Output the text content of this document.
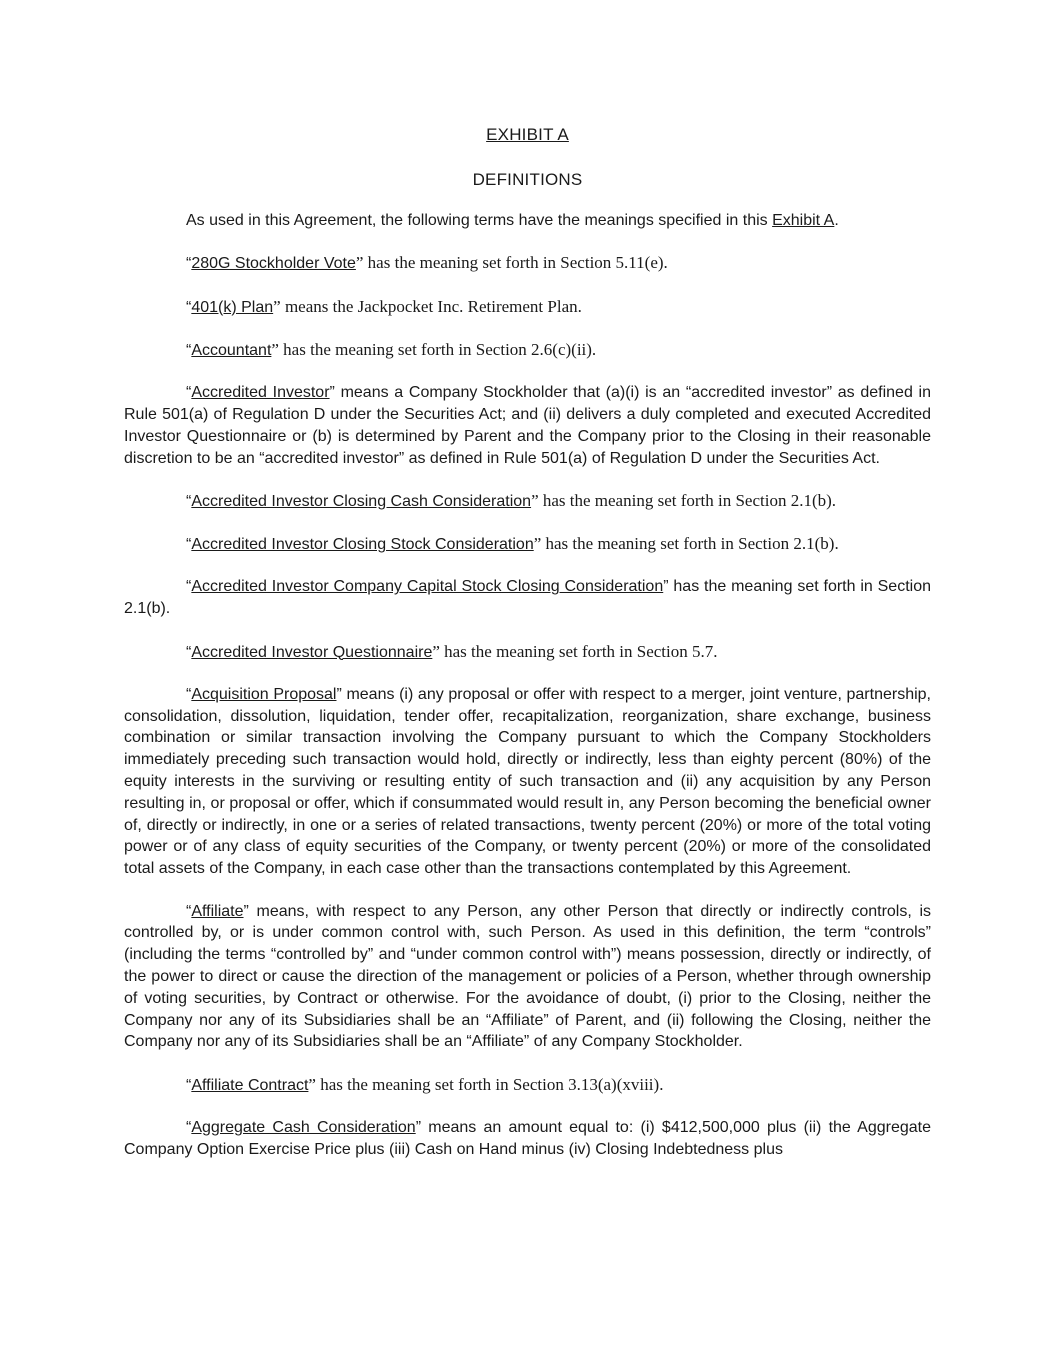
EXHIBIT A
DEFINITIONS

As used in this Agreement, the following terms have the meanings specified in this Exhibit A.

“280G Stockholder Vote” has the meaning set forth in Section 5.11(e).

“401(k) Plan” means the Jackpocket Inc. Retirement Plan.

“Accountant” has the meaning set forth in Section 2.6(c)(ii).

“Accredited Investor” means a Company Stockholder that (a)(i) is an “accredited investor” as defined in Rule 501(a) of Regulation D under the Securities Act; and (ii) delivers a duly completed and executed Accredited Investor Questionnaire or (b) is determined by Parent and the Company prior to the Closing in their reasonable discretion to be an “accredited investor” as defined in Rule 501(a) of Regulation D under the Securities Act.

“Accredited Investor Closing Cash Consideration” has the meaning set forth in Section 2.1(b).

“Accredited Investor Closing Stock Consideration” has the meaning set forth in Section 2.1(b).

“Accredited Investor Company Capital Stock Closing Consideration” has the meaning set forth in Section 2.1(b).

“Accredited Investor Questionnaire” has the meaning set forth in Section 5.7.

“Acquisition Proposal” means (i) any proposal or offer with respect to a merger, joint venture, partnership, consolidation, dissolution, liquidation, tender offer, recapitalization, reorganization, share exchange, business combination or similar transaction involving the Company pursuant to which the Company Stockholders immediately preceding such transaction would hold, directly or indirectly, less than eighty percent (80%) of the equity interests in the surviving or resulting entity of such transaction and (ii) any acquisition by any Person resulting in, or proposal or offer, which if consummated would result in, any Person becoming the beneficial owner of, directly or indirectly, in one or a series of related transactions, twenty percent (20%) or more of the total voting power or of any class of equity securities of the Company, or twenty percent (20%) or more of the consolidated total assets of the Company, in each case other than the transactions contemplated by this Agreement.

“Affiliate” means, with respect to any Person, any other Person that directly or indirectly controls, is controlled by, or is under common control with, such Person. As used in this definition, the term “controls” (including the terms “controlled by” and “under common control with”) means possession, directly or indirectly, of the power to direct or cause the direction of the management or policies of a Person, whether through ownership of voting securities, by Contract or otherwise. For the avoidance of doubt, (i) prior to the Closing, neither the Company nor any of its Subsidiaries shall be an “Affiliate” of Parent, and (ii) following the Closing, neither the Company nor any of its Subsidiaries shall be an “Affiliate” of any Company Stockholder.

“Affiliate Contract” has the meaning set forth in Section 3.13(a)(xviii).

“Aggregate Cash Consideration” means an amount equal to: (i) $412,500,000 plus (ii) the Aggregate Company Option Exercise Price plus (iii) Cash on Hand minus (iv) Closing Indebtedness plus
